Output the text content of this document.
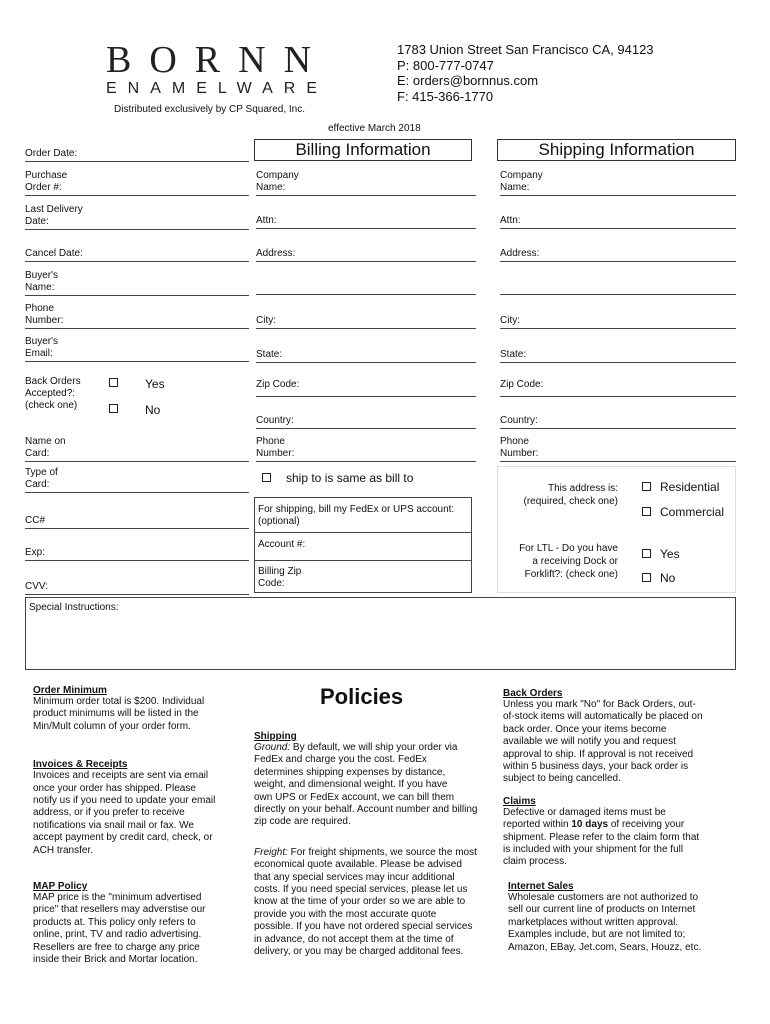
BORNN
ENAMELWARE
Distributed exclusively by CP Squared, Inc.
1783 Union Street San Francisco CA, 94123
P: 800-777-0747
E: orders@bornnus.com
F: 415-366-1770
effective March 2018
Billing Information	Shipping Information
Order Date:
Purchase
Order #:
Last Delivery
Date:
Cancel Date:
Buyer's
Name:
Phone
Number:
Buyer's
Email:
Back Orders
Accepted?:
(check one)
Yes
No
Name on
Card:
Type of
Card:
CC#
Exp:
CVV:
Company
Name:
Attn:
Address:
City:
State:
Zip Code:
Country:
Phone
Number:
ship to is same as bill to
For shipping, bill my FedEx or UPS account:
(optional)
Account #:
Billing Zip
Code:
Company
Name:
Attn:
Address:
City:
State:
Zip Code:
Country:
Phone
Number:
This address is:
(required, check one)
Residential
Commercial
For LTL - Do you have
a receiving Dock or
Forklift?: (check one)
Yes
No
Special Instructions:
Policies
Order Minimum
Minimum order total is $200. Individual
product minimums will be listed in the
Min/Mult column of your order form.
Invoices & Receipts
Invoices and receipts are sent via email
once your order has shipped. Please
notify us if you need to update your email
address, or if you prefer to receive
notifications via snail mail or fax. We
accept payment by credit card, check, or
ACH transfer.
MAP Policy
MAP price is the "minimum advertised
price" that resellers may adverstise our
products at. This policy only refers to
online, print, TV and radio advertising.
Resellers are free to charge any price
inside their Brick and Mortar location.
Shipping
Ground: By default, we will ship your order via
FedEx and charge you the cost. FedEx
determines shipping expenses by distance,
weight, and dimensional weight. If you have
own UPS or FedEx account, we can bill them
directly on your behalf. Account number and billing
zip code are required.
Freight: For freight shipments, we source the most
economical quote available. Please be advised
that any special services may incur additional
costs. If you need special services, please let us
know at the time of your order so we are able to
provide you with the most accurate quote
possible. If you have not ordered special services
in advance, do not accept them at the time of
delivery, or you may be charged additonal fees.
Back Orders
Unless you mark "No" for Back Orders, out-
of-stock items will automatically be placed on
back order. Once your items become
available we will notify you and request
approval to ship. If approval is not received
within 5 business days, your back order is
subject to being cancelled.
Claims
Defective or damaged items must be
reported within 10 days of receiving your
shipment. Please refer to the claim form that
is included with your shipment for the full
claim process.
Internet Sales
Wholesale customers are not authorized to
sell our current line of products on Internet
marketplaces without written approval.
Examples include, but are not limited to;
Amazon, EBay, Jet.com, Sears, Houzz, etc.
